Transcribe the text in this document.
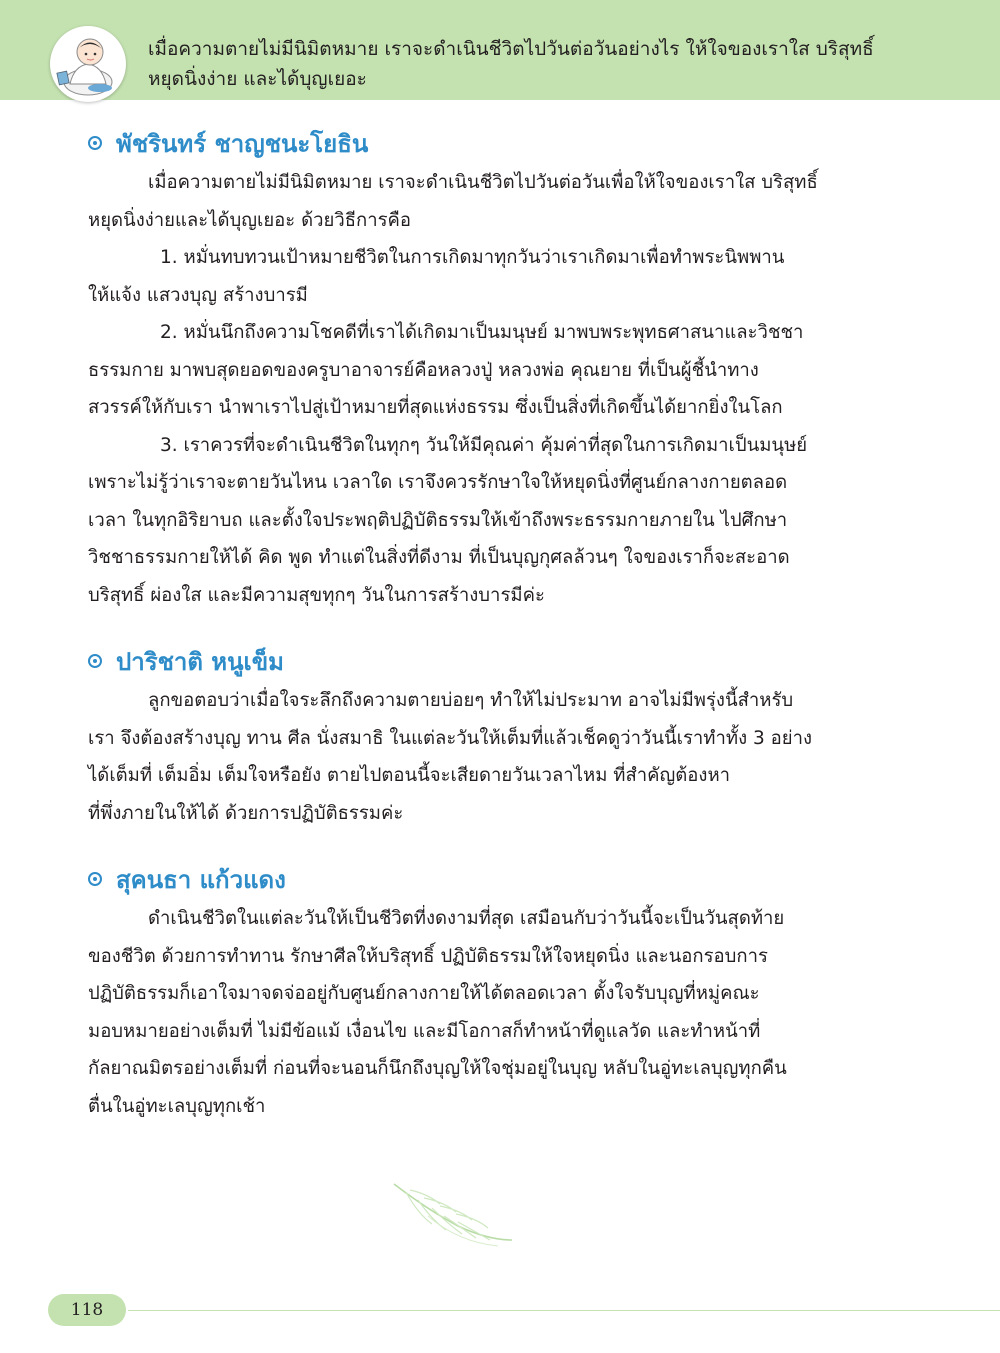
เมื่อความตายไม่มีนิมิตหมาย เราจะดำเนินชีวิตไปวันต่อวันอย่างไร ให้ใจของเราใส บริสุทธิ์
หยุดนิ่งง่าย และได้บุญเยอะ
พัชรินทร์ ชาญชนะโยธิน

เมื่อความตายไม่มีนิมิตหมาย เราจะดำเนินชีวิตไปวันต่อวันเพื่อให้ใจของเราใส บริสุทธิ์
หยุดนิ่งง่ายและได้บุญเยอะ ด้วยวิธีการคือ

1. หมั่นทบทวนเป้าหมายชีวิตในการเกิดมาทุกวันว่าเราเกิดมาเพื่อทำพระนิพพาน
ให้แจ้ง แสวงบุญ สร้างบารมี

2. หมั่นนึกถึงความโชคดีที่เราได้เกิดมาเป็นมนุษย์ มาพบพระพุทธศาสนาและวิชชา
ธรรมกาย มาพบสุดยอดของครูบาอาจารย์คือหลวงปู่ หลวงพ่อ คุณยาย ที่เป็นผู้ชี้นำทาง
สวรรค์ให้กับเรา นำพาเราไปสู่เป้าหมายที่สุดแห่งธรรม ซึ่งเป็นสิ่งที่เกิดขึ้นได้ยากยิ่งในโลก

3. เราควรที่จะดำเนินชีวิตในทุกๆ วันให้มีคุณค่า คุ้มค่าที่สุดในการเกิดมาเป็นมนุษย์
เพราะไม่รู้ว่าเราจะตายวันไหน เวลาใด เราจึงควรรักษาใจให้หยุดนิ่งที่ศูนย์กลางกายตลอด
เวลา ในทุกอิริยาบถ และตั้งใจประพฤติปฏิบัติธรรมให้เข้าถึงพระธรรมกายภายใน ไปศึกษา
วิชชาธรรมกายให้ได้ คิด พูด ทำแต่ในสิ่งที่ดีงาม ที่เป็นบุญกุศลล้วนๆ ใจของเราก็จะสะอาด
บริสุทธิ์ ผ่องใส และมีความสุขทุกๆ วันในการสร้างบารมีค่ะ

ปาริชาติ หนูเข็ม

ลูกขอตอบว่าเมื่อใจระลึกถึงความตายบ่อยๆ ทำให้ไม่ประมาท อาจไม่มีพรุ่งนี้สำหรับ
เรา จึงต้องสร้างบุญ ทาน ศีล นั่งสมาธิ ในแต่ละวันให้เต็มที่แล้วเช็คดูว่าวันนี้เราทำทั้ง 3 อย่าง
ได้เต็มที่ เต็มอิ่ม เต็มใจหรือยัง ตายไปตอนนี้จะเสียดายวันเวลาไหม ที่สำคัญต้องหา
ที่พึ่งภายในให้ได้ ด้วยการปฏิบัติธรรมค่ะ

สุคนธา แก้วแดง

ดำเนินชีวิตในแต่ละวันให้เป็นชีวิตที่งดงามที่สุด เสมือนกับว่าวันนี้จะเป็นวันสุดท้าย
ของชีวิต ด้วยการทำทาน รักษาศีลให้บริสุทธิ์ ปฏิบัติธรรมให้ใจหยุดนิ่ง และนอกรอบการ
ปฏิบัติธรรมก็เอาใจมาจดจ่ออยู่กับศูนย์กลางกายให้ได้ตลอดเวลา ตั้งใจรับบุญที่หมู่คณะ
มอบหมายอย่างเต็มที่ ไม่มีข้อแม้ เงื่อนไข และมีโอกาสก็ทำหน้าที่ดูแลวัด และทำหน้าที่
กัลยาณมิตรอย่างเต็มที่ ก่อนที่จะนอนก็นึกถึงบุญให้ใจชุ่มอยู่ในบุญ หลับในอู่ทะเลบุญทุกคืน
ตื่นในอู่ทะเลบุญทุกเช้า

118
